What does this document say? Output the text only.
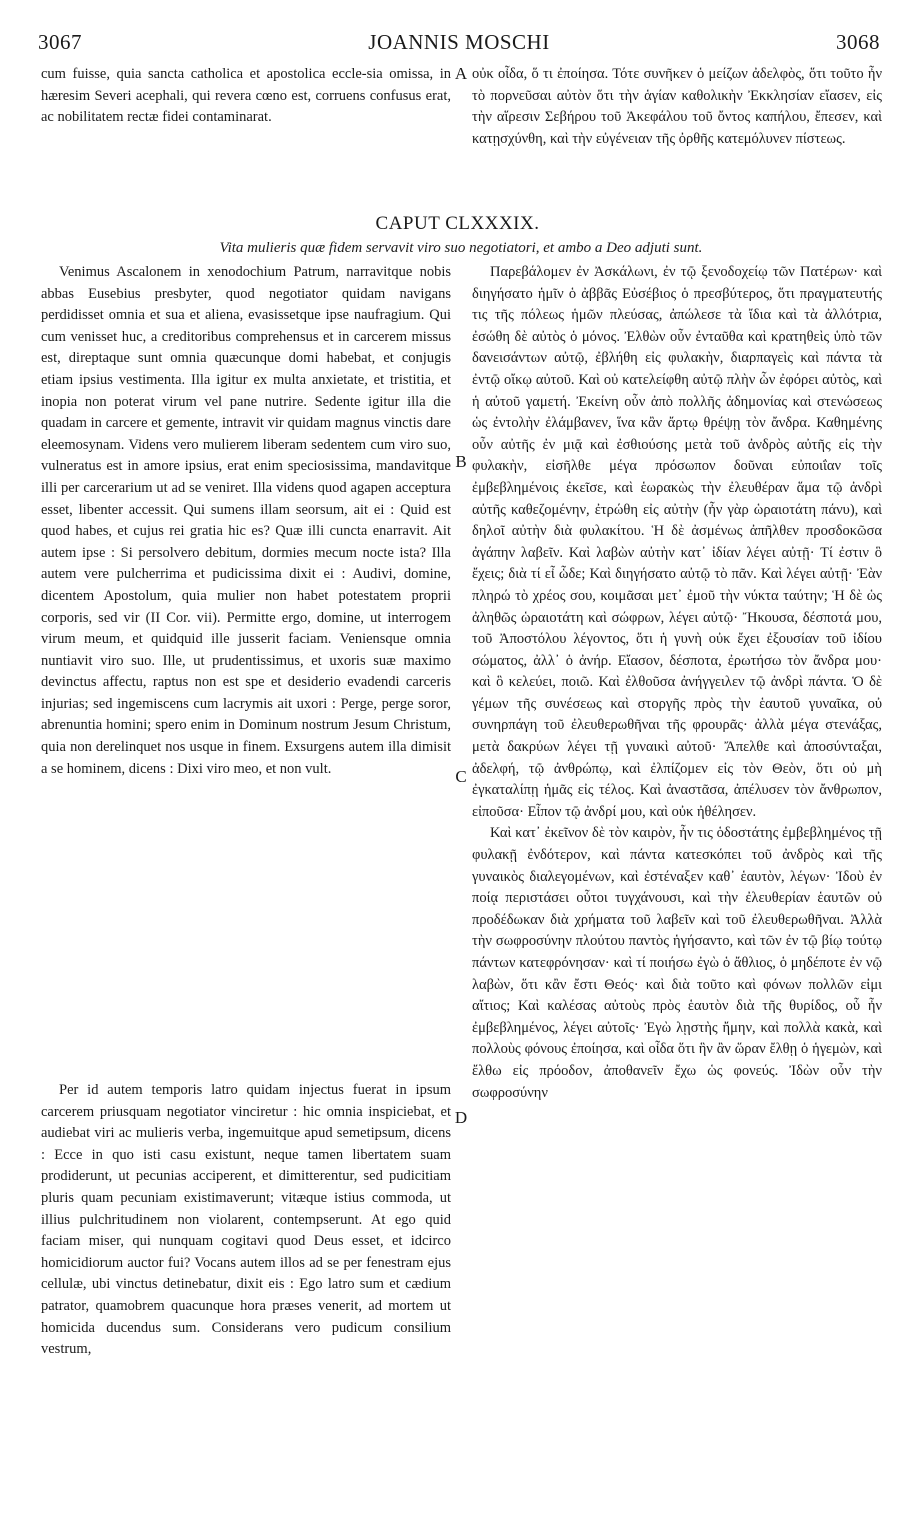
3067	JOANNIS MOSCHI	3068

cum fuisse, quia sancta catholica et apostolica eccle-sia omissa, in hæresim Severi acephali, qui revera cœno est, corruens confusus erat, ac nobilitatem rectæ fidei contaminarat.

οὐκ οἶδα, ὅ τι ἐποίησα. Τότε συνῆκεν ὁ μείζων ἀδελφὸς, ὅτι τοῦτο ἦν τὸ πορνεῦσαι αὐτὸν ὅτι τὴν ἁγίαν καθολικὴν Ἐκκλησίαν εἴασεν, εἰς τὴν αἵρεσιν Σεβήρου τοῦ Ἀκεφάλου τοῦ ὄντος καπήλου, ἔπεσεν, καὶ κατῃσχύνθη, καὶ τὴν εὐγένειαν τῆς ὀρθῆς κατεμόλυνεν πίστεως.

CAPUT CLXXXIX.
Vita mulieris quæ fidem servavit viro suo negotiatori, et ambo a Deo adjuti sunt.

Venimus Ascalonem in xenodochium Patrum, narravitque nobis abbas Eusebius presbyter, quod negotiator quidam navigans perdidisset omnia et sua et aliena, evasissetque ipse naufragium. Qui cum venisset huc, a creditoribus comprehensus et in carcerem missus est, direptaque sunt omnia quæcunque domi habebat, et conjugis etiam ipsius vestimenta. Illa igitur ex multa anxietate, et tristitia, et inopia non poterat virum vel pane nutrire. Sedente igitur illa die quadam in carcere et gemente, intravit vir quidam magnus vinctis dare eleemosynam. Videns vero mulierem liberam sedentem cum viro suo, vulneratus est in amore ipsius, erat enim speciosissima, mandavitque illi per carcerarium ut ad se veniret. Illa videns quod agapen acceptura esset, libenter accessit. Qui sumens illam seorsum, ait ei : Quid est quod habes, et cujus rei gratia hic es? Quæ illi cuncta enarravit. Ait autem ipse : Si persolvero debitum, dormies mecum nocte ista? Illa autem vere pulcherrima et pudicissima dixit ei : Audivi, domine, dicentem Apostolum, quia mulier non habet potestatem proprii corporis, sed vir (II Cor. vii). Permitte ergo, domine, ut interrogem virum meum, et quidquid ille jusserit faciam. Veniensque omnia nuntiavit viro suo. Ille, ut prudentissimus, et uxoris suæ maximo devinctus affectu, raptus non est spe et desiderio evadendi carceris injurias; sed ingemiscens cum lacrymis ait uxori : Perge, perge soror, abrenuntia homini; spero enim in Dominum nostrum Jesum Christum, quia non derelinquet nos usque in finem. Exsurgens autem illa dimisit a se hominem, dicens : Dixi viro meo, et non vult.

Per id autem temporis latro quidam injectus fuerat in ipsum carcerem priusquam negotiator vinciretur : hic omnia inspiciebat, et audiebat viri ac mulieris verba, ingemuitque apud semetipsum, dicens : Ecce in quo isti casu existunt, neque tamen libertatem suam prodiderunt, ut pecunias acciperent, et dimitterentur, sed pudicitiam pluris quam pecuniam existimaverunt; vitæque istius commoda, ut illius pulchritudinem non violarent, contempserunt. At ego quid faciam miser, qui nunquam cogitavi quod Deus esset, et idcirco homicidiorum auctor fui? Vocans autem illos ad se per fenestram ejus cellulæ, ubi vinctus detinebatur, dixit eis : Ego latro sum et cædium patrator, quamobrem quacunque hora præses venerit, ad mortem ut homicida ducendus sum. Considerans vero pudicum consilium vestrum,

Παρεβάλομεν ἐν Ἀσκάλωνι, ἐν τῷ ξενοδοχείῳ τῶν Πατέρων· καὶ διηγήσατο ἡμῖν ὁ ἀββᾶς Εὐσέβιος ὁ πρεσβύτερος, ὅτι πραγματευτής τις τῆς πόλεως ἡμῶν πλεύσας, ἀπώλεσε τὰ ἴδια καὶ τὰ ἀλλότρια, ἐσώθη δὲ αὐτὸς ὁ μόνος. Ἐλθὼν οὖν ἐνταῦθα καὶ κρατηθεὶς ὑπὸ τῶν δανεισάντων αὐτῷ, ἐβλήθη εἰς φυλακὴν, διαρπαγεὶς καὶ πάντα τὰ ἐντῷ οἴκῳ αὐτοῦ. Καὶ οὐ κατελείφθη αὐτῷ πλὴν ὧν ἐφόρει αὐτὸς, καὶ ἡ αὐτοῦ γαμετή. Ἐκείνη οὖν ἀπὸ πολλῆς ἀδημονίας καὶ στενώσεως ὡς ἐντολὴν ἐλάμβανεν, ἵνα κἂν ἄρτῳ θρέψῃ τὸν ἄνδρα. Καθημένης οὖν αὐτῆς ἐν μιᾷ καὶ ἐσθιούσης μετὰ τοῦ ἀνδρὸς αὐτῆς εἰς τὴν φυλακὴν, εἰσῆλθε μέγα πρόσωπον δοῦναι εὐποιΐαν τοῖς ἐμβεβλημένοις ἐκεῖσε, καὶ ἑωρακὼς τὴν ἐλευθέραν ἅμα τῷ ἀνδρὶ αὐτῆς καθεζομένην, ἐτρώθη εἰς αὐτὴν (ἦν γὰρ ὡραιοτάτη πάνυ), καὶ δηλοῖ αὐτὴν διὰ φυλακίτου. Ἡ δὲ ἀσμένως ἀπῆλθεν προσδοκῶσα ἀγάπην λαβεῖν. Καὶ λαβὼν αὐτὴν κατ᾽ ἰδίαν λέγει αὐτῇ· Τί ἐστιν ὃ ἔχεις; διὰ τί εἶ ὧδε; Καὶ διηγήσατο αὐτῷ τὸ πᾶν. Καὶ λέγει αὐτῇ· Ἐὰν πληρώ τὸ χρέος σου, κοιμᾶσαι μετ᾽ ἐμοῦ τὴν νύκτα ταύτην; Ἡ δὲ ὡς ἀληθῶς ὡραιοτάτη καὶ σώφρων, λέγει αὐτῷ· Ἤκουσα, δέσποτά μου, τοῦ Ἀποστόλου λέγοντος, ὅτι ἡ γυνὴ οὐκ ἔχει ἐξουσίαν τοῦ ἰδίου σώματος, ἀλλ᾽ ὁ ἀνήρ. Εἴασον, δέσποτα, ἐρωτήσω τὸν ἄνδρα μου· καὶ ὃ κελεύει, ποιῶ. Καὶ ἐλθοῦσα ἀνήγγειλεν τῷ ἀνδρὶ πάντα. Ὁ δὲ γέμων τῆς συνέσεως καὶ στοργῆς πρὸς τὴν ἑαυτοῦ γυναῖκα, οὐ συνηρπάγη τοῦ ἐλευθερωθῆναι τῆς φρουρᾶς· ἀλλὰ μέγα στενάξας, μετὰ δακρύων λέγει τῇ γυναικὶ αὐτοῦ· Ἄπελθε καὶ ἀποσύνταξαι, ἀδελφή, τῷ ἀνθρώπῳ, καὶ ἐλπίζομεν εἰς τὸν Θεὸν, ὅτι οὐ μὴ ἐγκαταλίπῃ ἡμᾶς εἰς τέλος. Καὶ ἀναστᾶσα, ἀπέλυσεν τὸν ἄνθρωπον, εἰποῦσα· Εἶπον τῷ ἀνδρί μου, καὶ οὐκ ἠθέλησεν.

Καὶ κατ᾽ ἐκεῖνον δὲ τὸν καιρὸν, ἦν τις ὁδοστάτης ἐμβεβλημένος τῇ φυλακῇ ἐνδότερον, καὶ πάντα κατεσκόπει τοῦ ἀνδρὸς καὶ τῆς γυναικὸς διαλεγομένων, καὶ ἐστέναξεν καθ᾽ ἑαυτὸν, λέγων· Ἰδοὺ ἐν ποίᾳ περιστάσει οὗτοι τυγχάνουσι, καὶ τὴν ἐλευθερίαν ἑαυτῶν οὐ προδέδωκαν διὰ χρήματα τοῦ λαβεῖν καὶ τοῦ ἐλευθερωθῆναι. Ἀλλὰ τὴν σωφροσύνην πλούτου παντὸς ἡγήσαντο, καὶ τῶν ἐν τῷ βίῳ τούτῳ πάντων κατεφρόνησαν· καὶ τί ποιήσω ἐγὼ ὁ ἄθλιος, ὁ μηδέποτε ἐν νῷ λαβὼν, ὅτι κἂν ἔστι Θεός· καὶ διὰ τοῦτο καὶ φόνων πολλῶν εἰμι αἴτιος; Καὶ καλέσας αὐτοὺς πρὸς ἑαυτὸν διὰ τῆς θυρίδος, οὗ ἦν ἐμβεβλημένος, λέγει αὐτοῖς· Ἐγὼ λῃστὴς ἤμην, καὶ πολλὰ κακὰ, καὶ πολλοὺς φόνους ἐποίησα, καὶ οἶδα ὅτι ἣν ἂν ὥραν ἔλθῃ ὁ ἡγεμὼν, καὶ ἔλθω εἰς πρόοδον, ἀποθανεῖν ἔχω ὡς φονεύς. Ἰδὼν οὖν τὴν σωφροσύνην

A
B
C
D
